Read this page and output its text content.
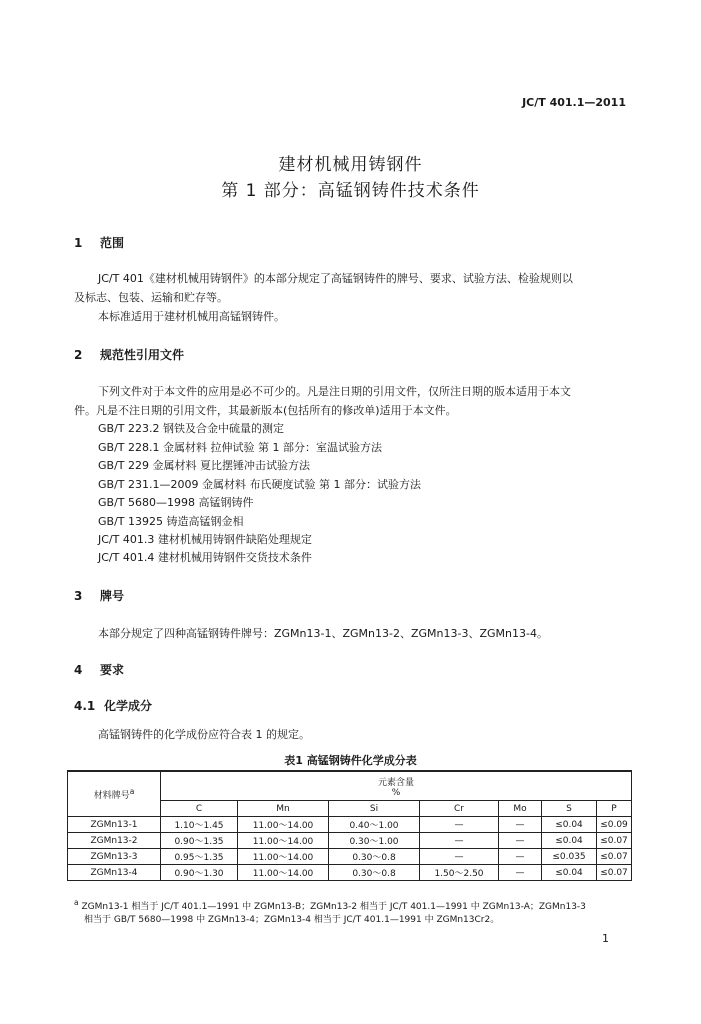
JC/T 401.1—2011
建材机械用铸钢件
第 1 部分：高锰钢铸件技术条件
1 范围
JC/T 401《建材机械用铸钢件》的本部分规定了高锰钢铸件的牌号、要求、试验方法、检验规则以
及标志、包装、运输和贮存等。
本标准适用于建材机械用高锰钢铸件。
2 规范性引用文件
下列文件对于本文件的应用是必不可少的。凡是注日期的引用文件，仅所注日期的版本适用于本文
件。凡是不注日期的引用文件，其最新版本(包括所有的修改单)适用于本文件。
GB/T 223.2 钢铁及合金中硫量的测定
GB/T 228.1 金属材料 拉伸试验 第 1 部分：室温试验方法
GB/T 229 金属材料 夏比摆锤冲击试验方法
GB/T 231.1—2009 金属材料 布氏硬度试验 第 1 部分：试验方法
GB/T 5680—1998 高锰钢铸件
GB/T 13925 铸造高锰钢金相
JC/T 401.3 建材机械用铸钢件缺陷处理规定
JC/T 401.4 建材机械用铸钢件交货技术条件
3 牌号
本部分规定了四种高锰钢铸件牌号：ZGMn13-1、ZGMn13-2、ZGMn13-3、ZGMn13-4。
4 要求
4.1 化学成分
高锰钢铸件的化学成份应符合表 1 的规定。
表1 高锰钢铸件化学成分表
材料牌号$^a$	元素含量
%						

	C	Mn	Si	Cr	Mo	S	P
ZGMn13-1	1.10～1.45	11.00～14.00	0.40～1.00	—	—	≤0.04	≤0.09
ZGMn13-2	0.90～1.35	11.00～14.00	0.30～1.00	—	—	≤0.04	≤0.07
ZGMn13-3	0.95～1.35	11.00～14.00	0.30～0.8	—	—	≤0.035	≤0.07
ZGMn13-4	0.90～1.30	11.00～14.00	0.30～0.8	1.50～2.50	—	≤0.04	≤0.07
$^a$ ZGMn13-1 相当于 JC/T 401.1—1991 中 ZGMn13-B；ZGMn13-2 相当于 JC/T 401.1—1991 中 ZGMn13-A；ZGMn13-3
相当于 GB/T 5680—1998 中 ZGMn13-4；ZGMn13-4 相当于 JC/T 401.1—1991 中 ZGMn13Cr2。
1
